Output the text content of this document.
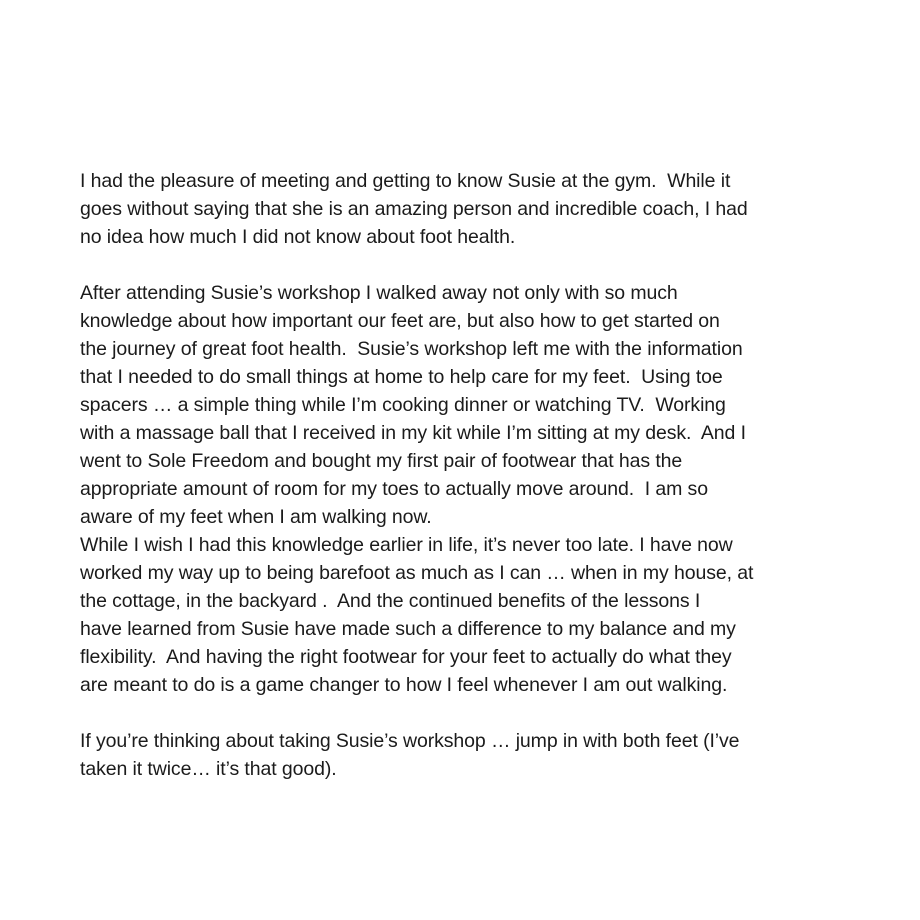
I had the pleasure of meeting and getting to know Susie at the gym.  While it
goes without saying that she is an amazing person and incredible coach, I had
no idea how much I did not know about foot health.
After attending Susie’s workshop I walked away not only with so much
knowledge about how important our feet are, but also how to get started on
the journey of great foot health.  Susie’s workshop left me with the information
that I needed to do small things at home to help care for my feet.  Using toe
spacers … a simple thing while I’m cooking dinner or watching TV.  Working
with a massage ball that I received in my kit while I’m sitting at my desk.  And I
went to Sole Freedom and bought my first pair of footwear that has the
appropriate amount of room for my toes to actually move around.  I am so
aware of my feet when I am walking now.
While I wish I had this knowledge earlier in life, it’s never too late. I have now
worked my way up to being barefoot as much as I can … when in my house, at
the cottage, in the backyard .  And the continued benefits of the lessons I
have learned from Susie have made such a difference to my balance and my
flexibility.  And having the right footwear for your feet to actually do what they
are meant to do is a game changer to how I feel whenever I am out walking.
If you’re thinking about taking Susie’s workshop … jump in with both feet (I’ve
taken it twice… it’s that good).
